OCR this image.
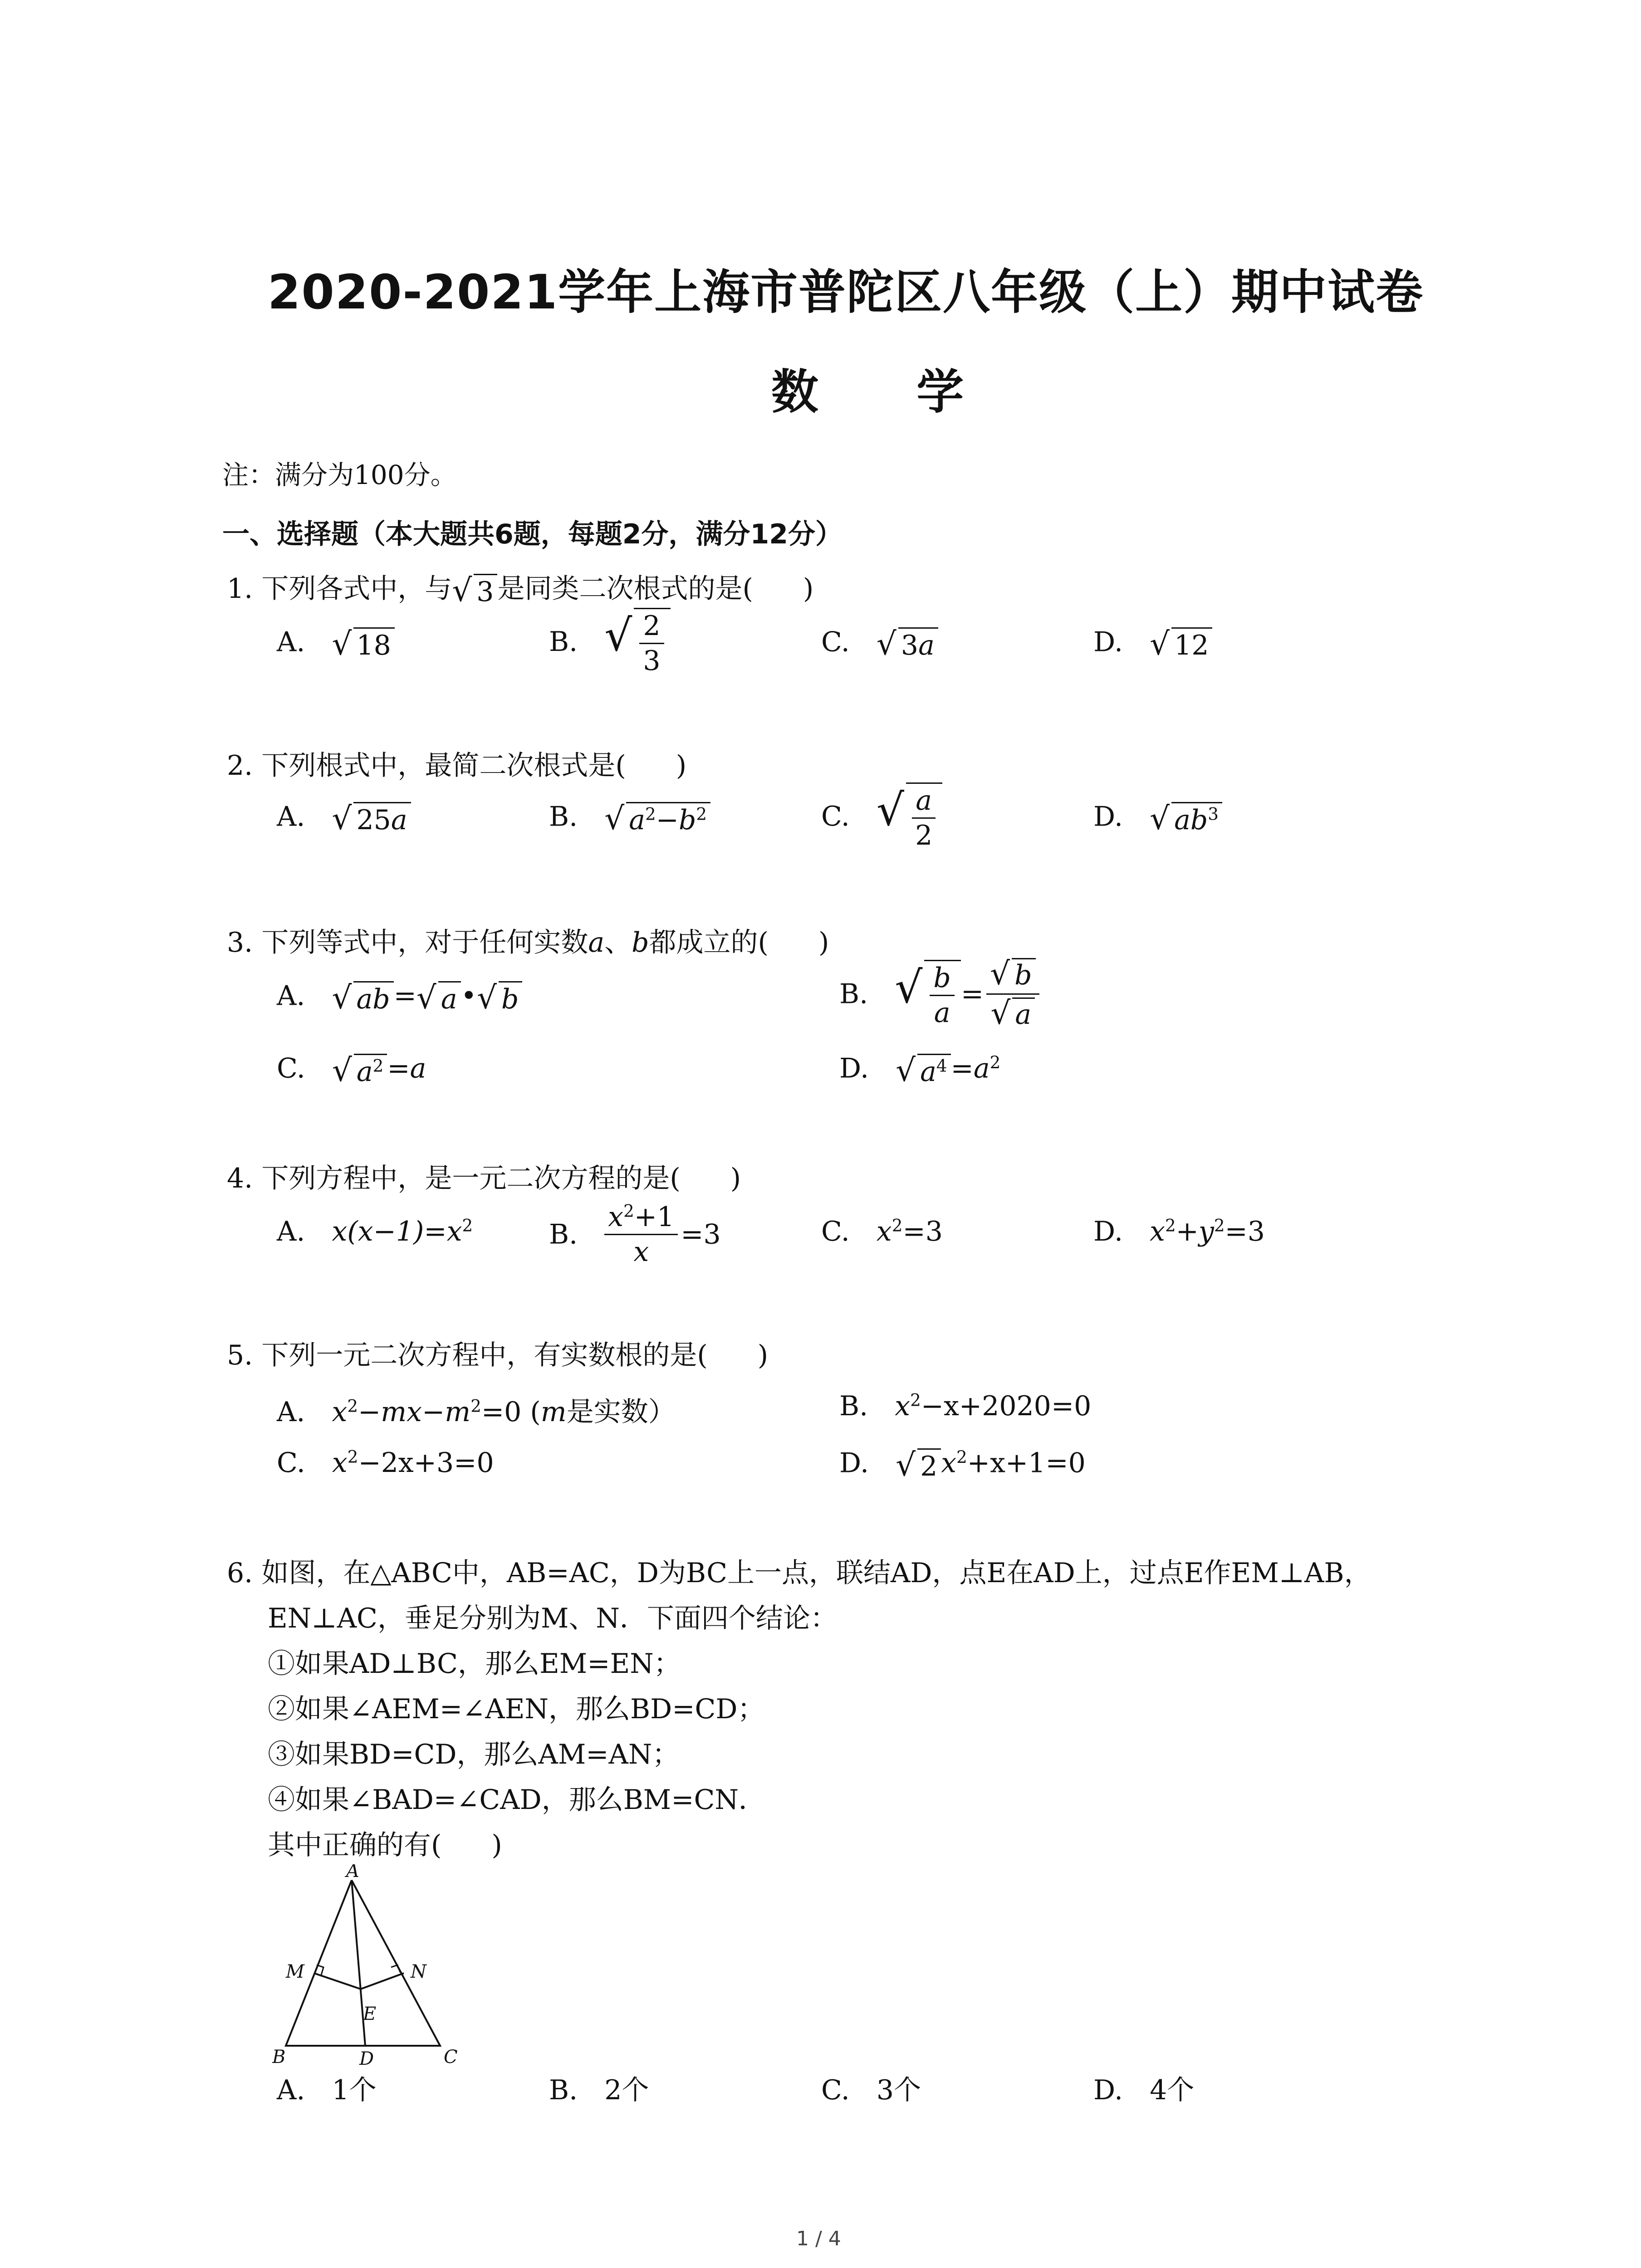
2020-2021学年上海市普陀区八年级（上）期中试卷
数 学
注：满分为100分。
一、选择题（本大题共6题，每题2分，满分12分）
1. 下列各式中，与√ 3 是同类二次根式的是( )
A. √ 18	B. √ $\frac{2}{3}$	C. √ 3a	D. √ 12
2. 下列根式中，最简二次根式是( )
A. √ 25a	B. √ $a^2-b^2$	C. √ $\frac{a}{2}$	D. √ $ab^3$
3. 下列等式中，对于任何实数a、b都成立的( )
A. √ ab =√ a •√ b	B. √ $\frac{b}{a} = \frac{√ b}{√ a}$
C. √ $a^2 =a$	D. √ $a^4 =a^2$
4. 下列方程中，是一元二次方程的是( )
A. $x(x-1)=x^2$	B. $\frac{x^2+1}{x} =3$	C. $x^2=3$	D. $x^2+y^2=3$
5. 下列一元二次方程中，有实数根的是( )
A. $x^2-mx-m^2=0$ (m是实数）	B. $x^2-x+2020=0$
C. $x^2-2x+3=0$	D. √ 2 $x^2+x+1=0$
6. 如图，在△ABC中，AB=AC，D为BC上一点，联结AD，点E在AD上，过点E作EM⊥AB，
EN⊥AC，垂足分别为M、N．下面四个结论：
①如果AD⊥BC，那么EM=EN；
②如果∠AEM=∠AEN，那么BD=CD；
③如果BD=CD，那么AM=AN；
④如果∠BAD=∠CAD，那么BM=CN．
其中正确的有( )
A
B	C
D
E
M	N
A. 1个	B. 2个	C. 3个	D. 4个
1 / 4
